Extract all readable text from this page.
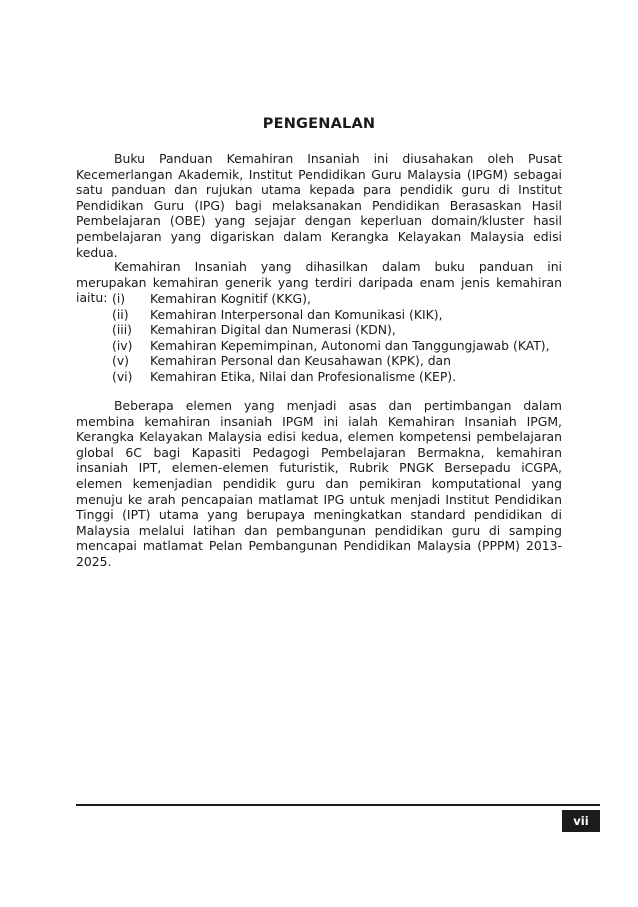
PENGENALAN

Buku Panduan Kemahiran Insaniah ini diusahakan oleh Pusat Kecemerlangan Akademik, Institut Pendidikan Guru Malaysia (IPGM) sebagai satu panduan dan rujukan utama kepada para pendidik guru di Institut Pendidikan Guru (IPG) bagi melaksanakan Pendidikan Berasaskan Hasil Pembelajaran (OBE) yang sejajar dengan keperluan domain/kluster hasil pembelajaran yang digariskan dalam Kerangka Kelayakan Malaysia edisi kedua.

Kemahiran Insaniah yang dihasilkan dalam buku panduan ini merupakan kemahiran generik yang terdiri daripada enam jenis kemahiran iaitu: (i)	Kemahiran Kognitif (KKG),
(ii)	Kemahiran Interpersonal dan Komunikasi (KIK),
(iii)	Kemahiran Digital dan Numerasi (KDN),
(iv)	Kemahiran Kepemimpinan, Autonomi dan Tanggungjawab (KAT),
(v)	Kemahiran Personal dan Keusahawan (KPK), dan
(vi)	Kemahiran Etika, Nilai dan Profesionalisme (KEP).

Beberapa elemen yang menjadi asas dan pertimbangan dalam membina kemahiran insaniah IPGM ini ialah Kemahiran Insaniah IPGM, Kerangka Kelayakan Malaysia edisi kedua, elemen kompetensi pembelajaran global 6C bagi Kapasiti Pedagogi Pembelajaran Bermakna, kemahiran insaniah IPT, elemen-elemen futuristik, Rubrik PNGK Bersepadu iCGPA, elemen kemenjadian pendidik guru dan pemikiran komputational yang menuju ke arah pencapaian matlamat IPG untuk menjadi Institut Pendidikan Tinggi (IPT) utama yang berupaya meningkatkan standard pendidikan di Malaysia melalui latihan dan pembangunan pendidikan guru di samping mencapai matlamat Pelan Pembangunan Pendidikan Malaysia (PPPM) 2013-2025.

vii
